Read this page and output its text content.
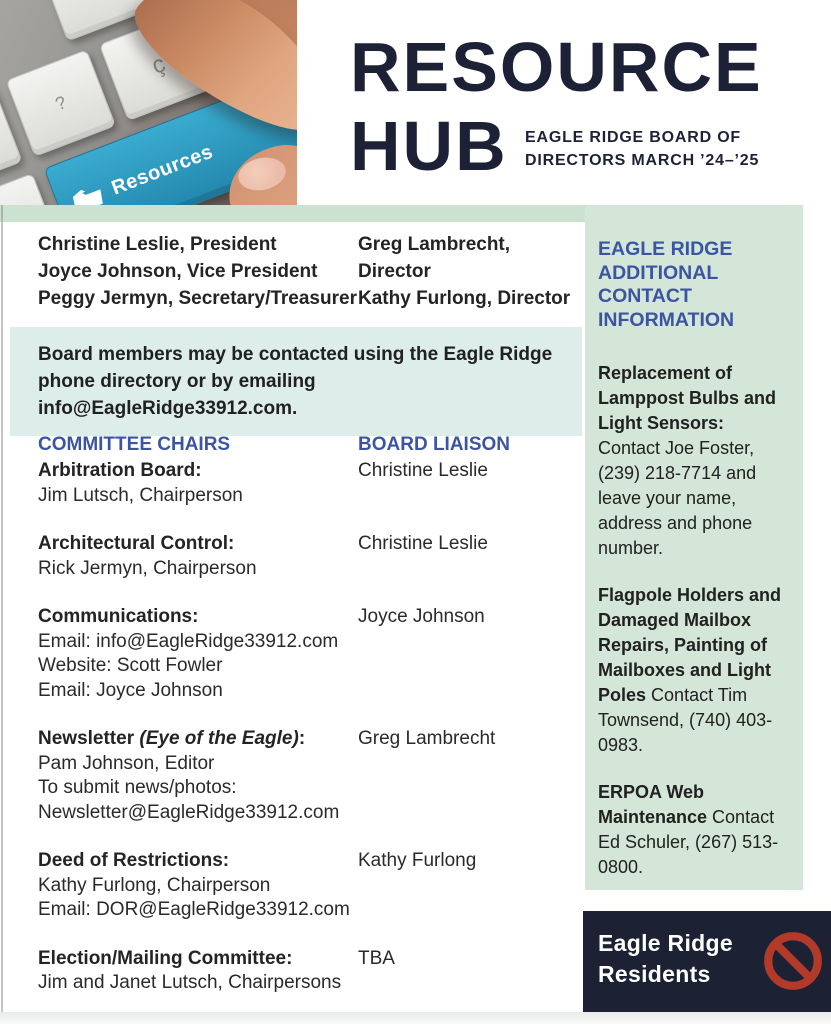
?
ç
Resources
RESOURCE
HUB EAGLE RIDGE BOARD OF
DIRECTORS MARCH ’24–’25
Christine Leslie, President
Joyce Johnson, Vice President
Peggy Jermyn, Secretary/Treasurer
Greg Lambrecht, Director
Kathy Furlong, Director
Board members may be contacted using the Eagle Ridge phone directory or by emailing info@EagleRidge33912.com.
COMMITTEE CHAIRS	BOARD LIAISON
Arbitration Board:
Jim Lutsch, Chairperson
Christine Leslie
Architectural Control:
Rick Jermyn, Chairperson
Christine Leslie
Communications:
Email: info@EagleRidge33912.com
Website: Scott Fowler
Email: Joyce Johnson
Joyce Johnson
Newsletter (Eye of the Eagle):
Pam Johnson, Editor
To submit news/photos:
Newsletter@EagleRidge33912.com
Greg Lambrecht
Deed of Restrictions:
Kathy Furlong, Chairperson
Email: DOR@EagleRidge33912.com
Kathy Furlong
Election/Mailing Committee:
Jim and Janet Lutsch, Chairpersons
TBA
EAGLE RIDGE ADDITIONAL CONTACT INFORMATION
Replacement of Lamppost Bulbs and Light Sensors: Contact Joe Foster, (239) 218-7714 and leave your name, address and phone number.
Flagpole Holders and Damaged Mailbox Repairs, Painting of Mailboxes and Light Poles Contact Tim Townsend, (740) 403-0983.
ERPOA Web Maintenance Contact Ed Schuler, (267) 513-0800.
Eagle Ridge
Residents
